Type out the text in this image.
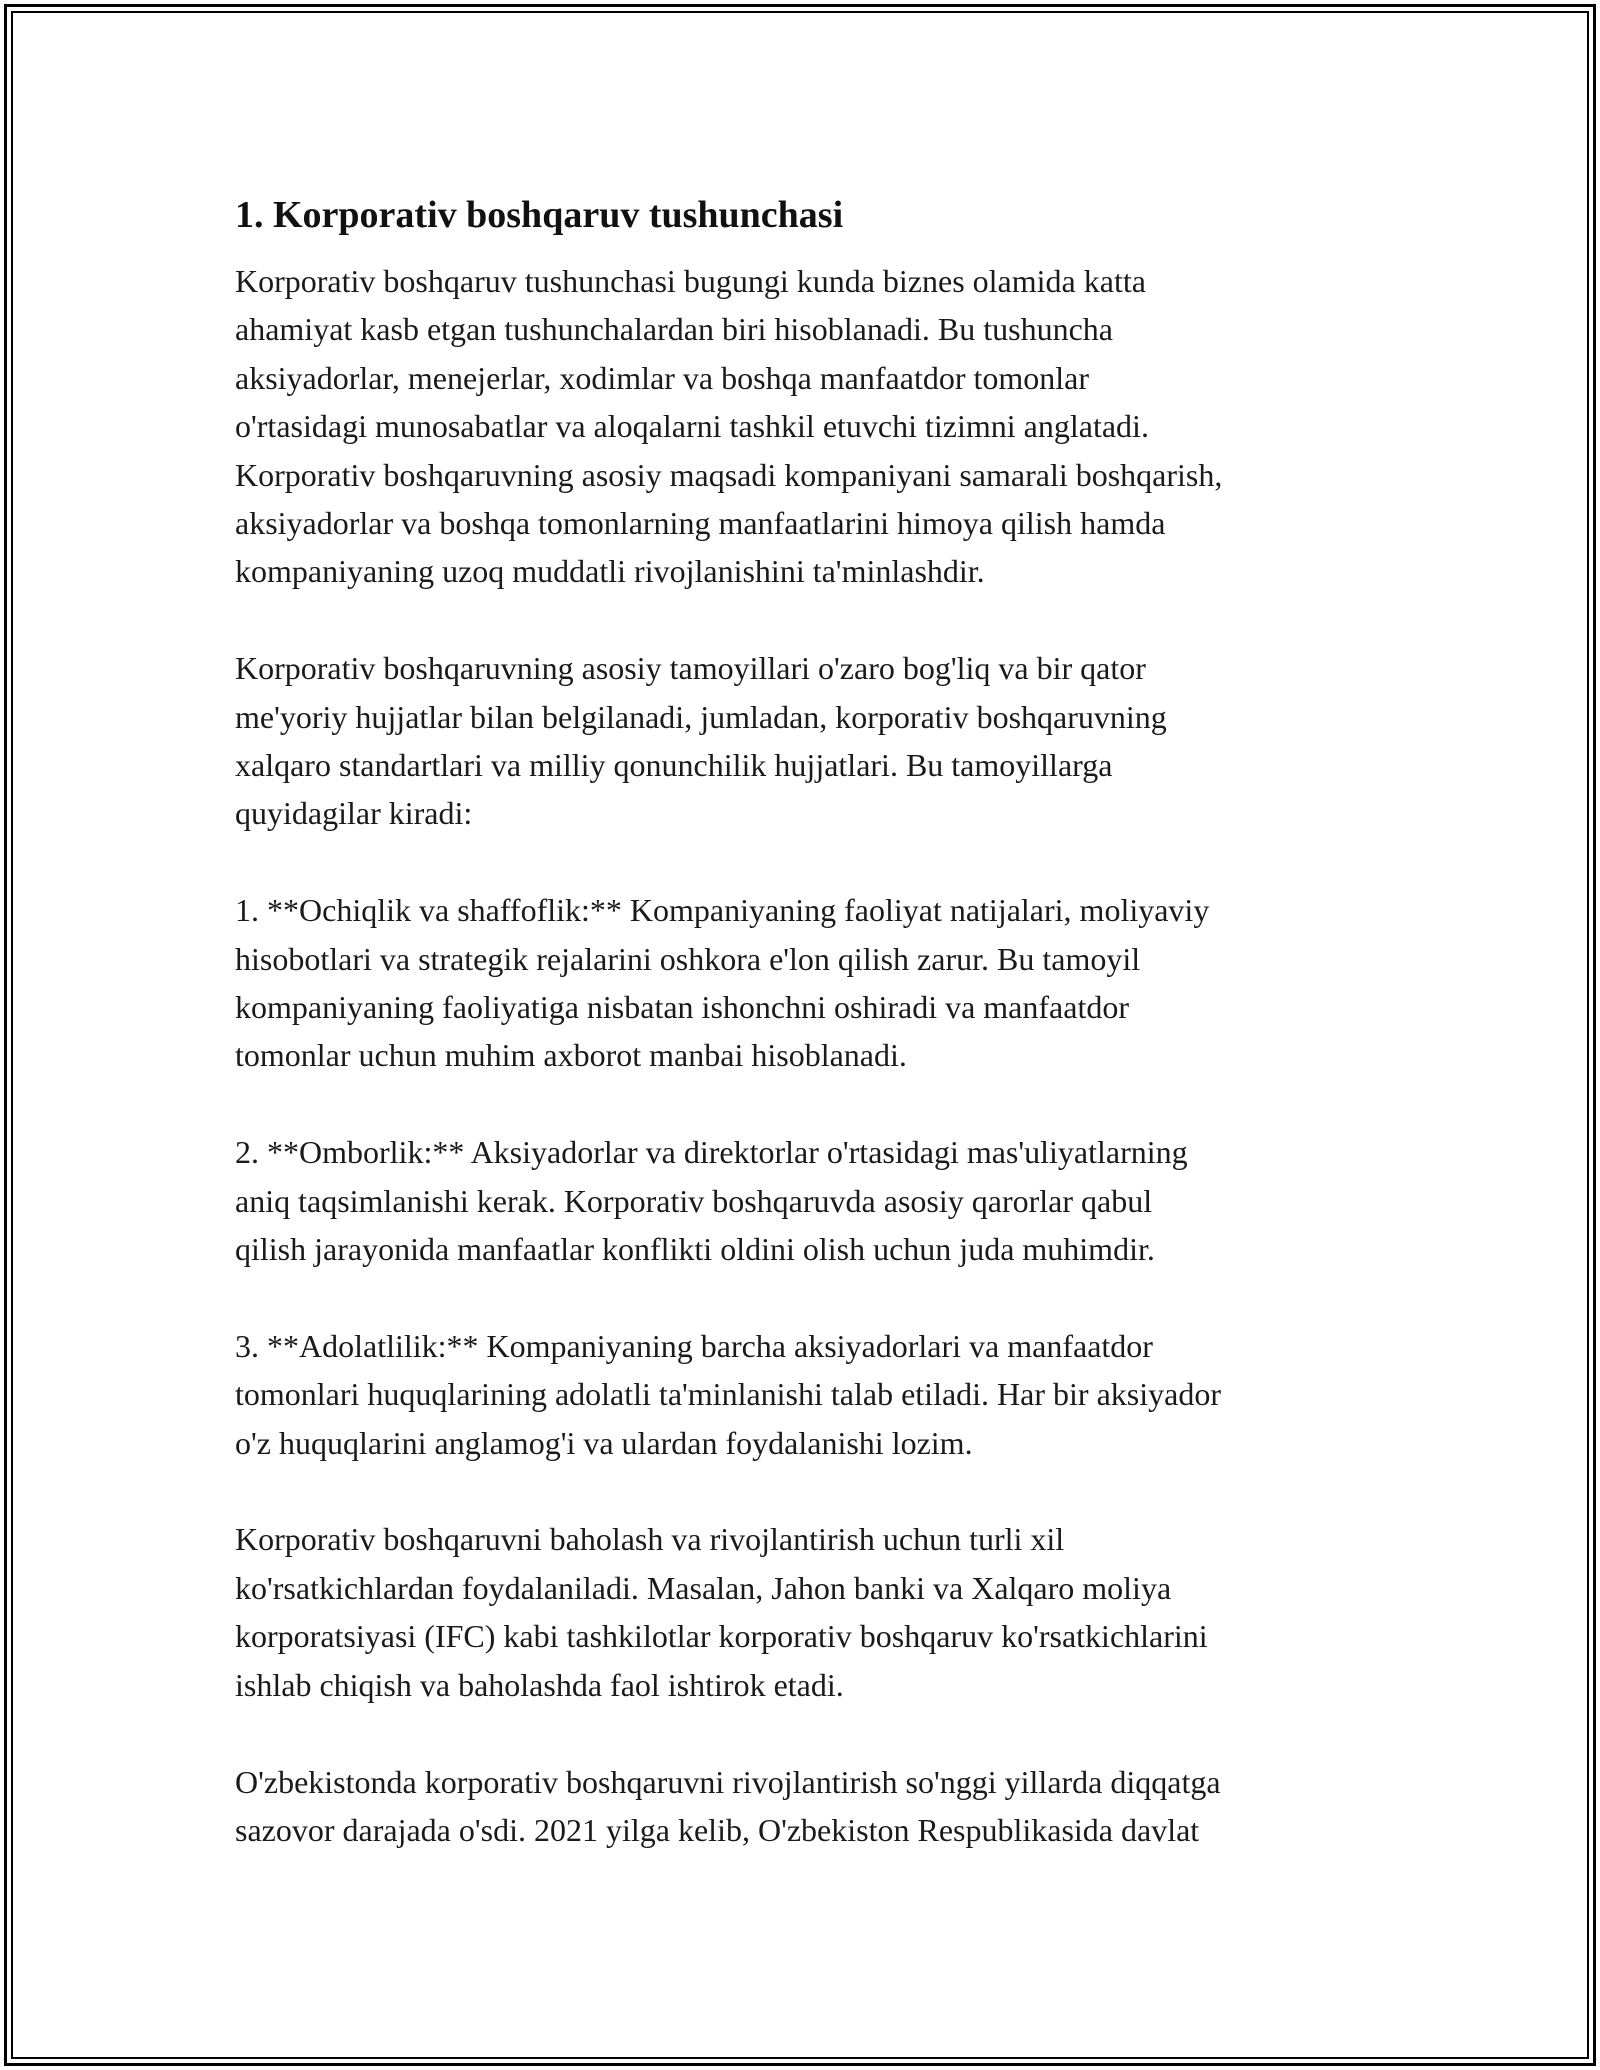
1. Korporativ boshqaruv tushunchasi

Korporativ boshqaruv tushunchasi bugungi kunda biznes olamida katta
ahamiyat kasb etgan tushunchalardan biri hisoblanadi. Bu tushuncha
aksiyadorlar, menejerlar, xodimlar va boshqa manfaatdor tomonlar
o'rtasidagi munosabatlar va aloqalarni tashkil etuvchi tizimni anglatadi.
Korporativ boshqaruvning asosiy maqsadi kompaniyani samarali boshqarish,
aksiyadorlar va boshqa tomonlarning manfaatlarini himoya qilish hamda
kompaniyaning uzoq muddatli rivojlanishini ta'minlashdir.

Korporativ boshqaruvning asosiy tamoyillari o'zaro bog'liq va bir qator
me'yoriy hujjatlar bilan belgilanadi, jumladan, korporativ boshqaruvning
xalqaro standartlari va milliy qonunchilik hujjatlari. Bu tamoyillarga
quyidagilar kiradi:

1. **Ochiqlik va shaffoflik:** Kompaniyaning faoliyat natijalari, moliyaviy
hisobotlari va strategik rejalarini oshkora e'lon qilish zarur. Bu tamoyil
kompaniyaning faoliyatiga nisbatan ishonchni oshiradi va manfaatdor
tomonlar uchun muhim axborot manbai hisoblanadi.

2. **Omborlik:** Aksiyadorlar va direktorlar o'rtasidagi mas'uliyatlarning
aniq taqsimlanishi kerak. Korporativ boshqaruvda asosiy qarorlar qabul
qilish jarayonida manfaatlar konflikti oldini olish uchun juda muhimdir.

3. **Adolatlilik:** Kompaniyaning barcha aksiyadorlari va manfaatdor
tomonlari huquqlarining adolatli ta'minlanishi talab etiladi. Har bir aksiyador
o'z huquqlarini anglamog'i va ulardan foydalanishi lozim.

Korporativ boshqaruvni baholash va rivojlantirish uchun turli xil
ko'rsatkichlardan foydalaniladi. Masalan, Jahon banki va Xalqaro moliya
korporatsiyasi (IFC) kabi tashkilotlar korporativ boshqaruv ko'rsatkichlarini
ishlab chiqish va baholashda faol ishtirok etadi.

O'zbekistonda korporativ boshqaruvni rivojlantirish so'nggi yillarda diqqatga
sazovor darajada o'sdi. 2021 yilga kelib, O'zbekiston Respublikasida davlat
